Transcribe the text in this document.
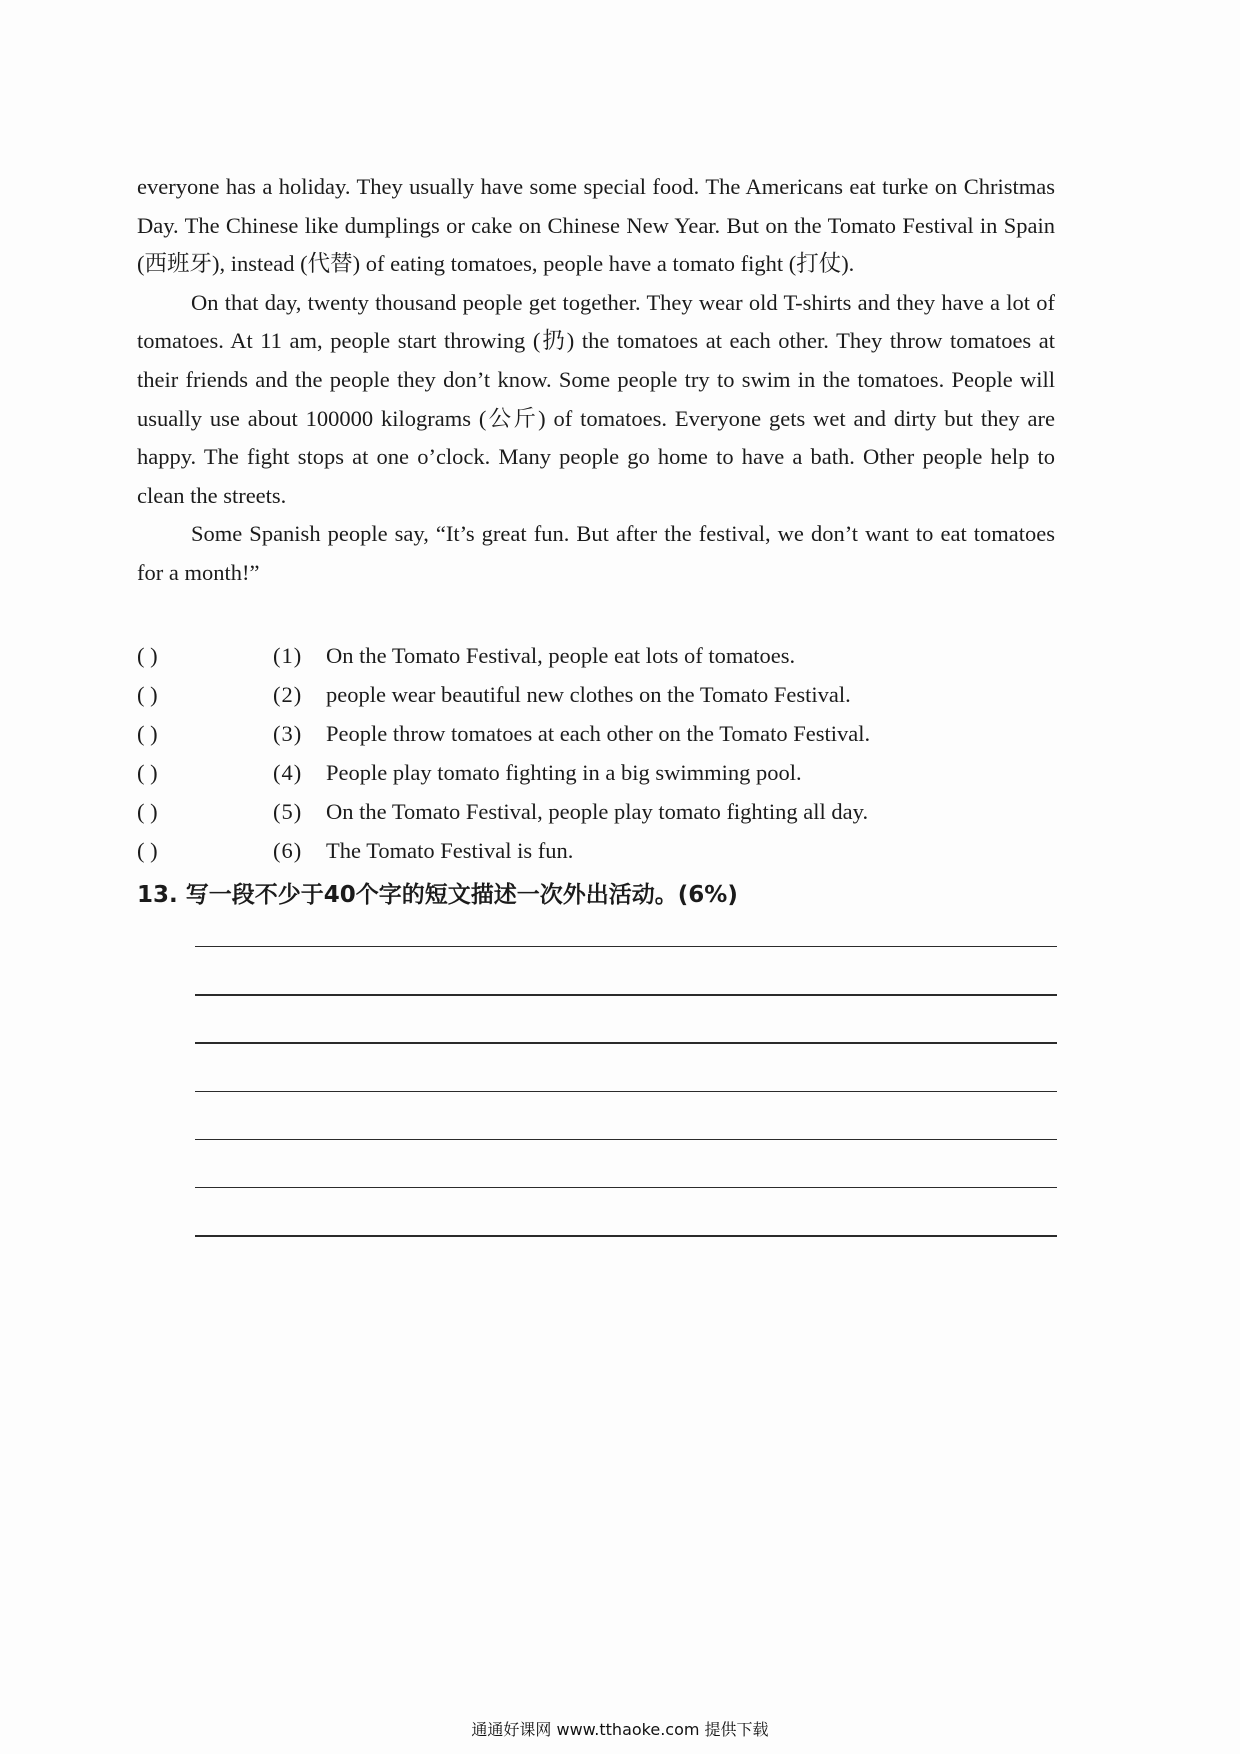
everyone has a holiday. They usually have some special food. The Americans eat turke on Christmas Day. The Chinese like dumplings or cake on Chinese New Year. But on the Tomato Festival in Spain (西班牙), instead (代替) of eating tomatoes, people have a tomato fight (打仗).

On that day, twenty thousand people get together. They wear old T-shirts and they have a lot of tomatoes. At 11 am, people start throwing (扔) the tomatoes at each other. They throw tomatoes at their friends and the people they don’t know. Some people try to swim in the tomatoes. People will usually use about 100000 kilograms (公斤) of tomatoes. Everyone gets wet and dirty but they are happy. The fight stops at one o’clock. Many people go home to have a bath. Other people help to clean the streets.

Some Spanish people say, “It’s great fun. But after the festival, we don’t want to eat tomatoes for a month!”

( )	(1)	On the Tomato Festival, people eat lots of tomatoes.
( )	(2)	people wear beautiful new clothes on the Tomato Festival.
( )	(3)	People throw tomatoes at each other on the Tomato Festival.
( )	(4)	People play tomato fighting in a big swimming pool.
( )	(5)	On the Tomato Festival, people play tomato fighting all day.
( )	(6)	The Tomato Festival is fun.
13. 写一段不少于40个字的短文描述一次外出活动。(6%)
通通好课网 www.tthaoke.com 提供下载
